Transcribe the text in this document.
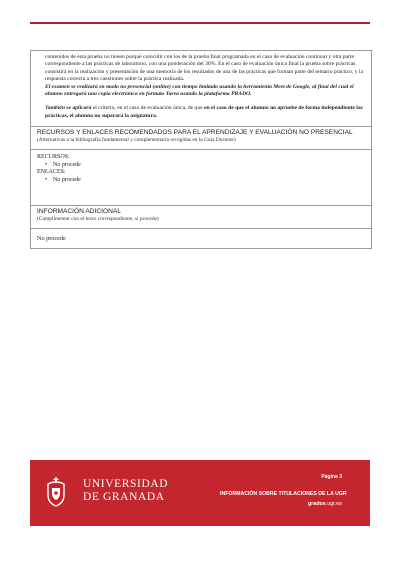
contenidos de esta prueba no tienen porqué coincidir con los de la prueba final programada en el caso de evaluación continua) y otra parte correspondiente a las prácticas de laboratorio, con una ponderación del 30%. En el caso de evaluación única final la prueba sobre prácticas consistirá en la realización y presentación de una memoria de los resultados de una de las prácticas que forman parte del temario práctico, y la respuesta correcta a tres cuestiones sobre la práctica realizada.

El examen se realizará en modo no presencial (online) con tiempo limitado usando la herramienta Meet de Google, al final del cual el alumno entregará una copia electrónica en formato Tarea usando la plataforma PRADO.

También se aplicará el criterio, en el caso de evaluación única, de que en el caso de que el alumno no apruebe de forma independiente las prácticas, el alumno no superará la asignatura.

RECURSOS Y ENLACES RECOMENDADOS PARA EL APRENDIZAJE Y EVALUACIÓN NO PRESENCIAL
(Alternativas a la bibliografía fundamental y complementaria recogidas en la Guía Docente)
RECURSOS:
• No procede
ENLACES:
• No procede
INFORMACIÓN ADICIONAL
(Cumplimentar con el texto correspondiente, si procede)
No procede
UNIVERSIDAD
DE GRANADA
Página 3
INFORMACIÓN SOBRE TITULACIONES DE LA UGR
grados.ugr.es
